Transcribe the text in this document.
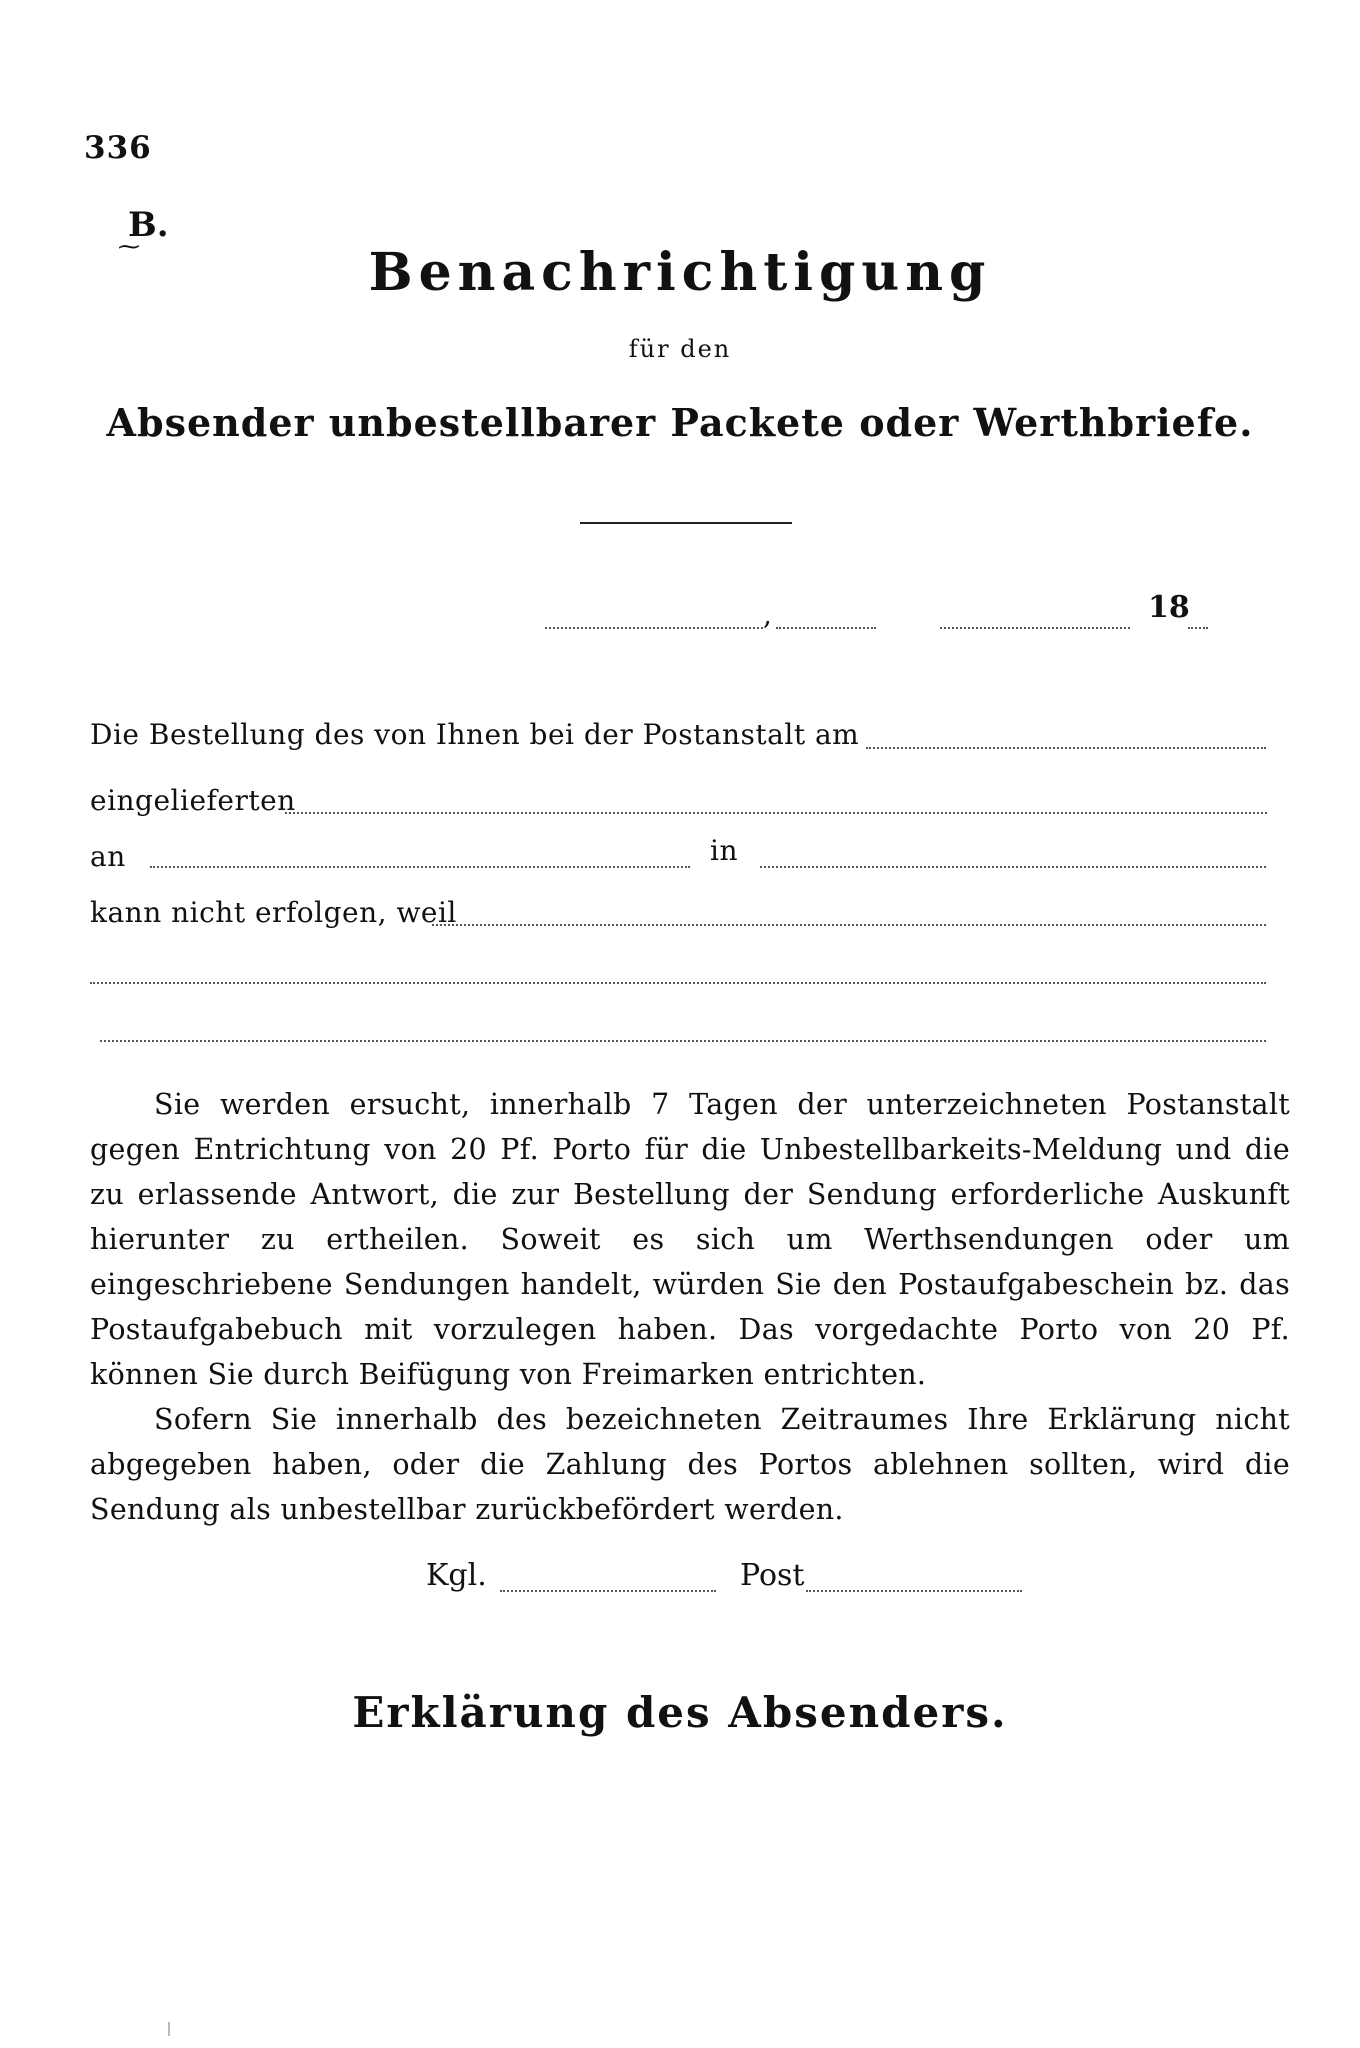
336
B.
⁓	Benachrichtigung
für den
Absender unbestellbarer Packete oder Werthbriefe.
,	18
Die Bestellung des von Ihnen bei der Postanstalt am
eingelieferten
an	in
kann nicht erfolgen, weil

Sie werden ersucht, innerhalb 7 Tagen der unterzeichneten Postanstalt gegen Entrichtung von 20 Pf. Porto für die Unbestellbarkeits-Meldung und die zu erlassende Antwort, die zur Bestellung der Sendung erforderliche Auskunft hierunter zu ertheilen. Soweit es sich um Werthsendungen oder um eingeschriebene Sendungen handelt, würden Sie den Postaufgabeschein bz. das Postaufgabebuch mit vorzulegen haben. Das vorgedachte Porto von 20 Pf. können Sie durch Beifügung von Freimarken entrichten.

Sofern Sie innerhalb des bezeichneten Zeitraumes Ihre Erklärung nicht abgegeben haben, oder die Zahlung des Portos ablehnen sollten, wird die Sendung als unbestellbar zurückbefördert werden.

Kgl.	Post
Erklärung des Absenders.
